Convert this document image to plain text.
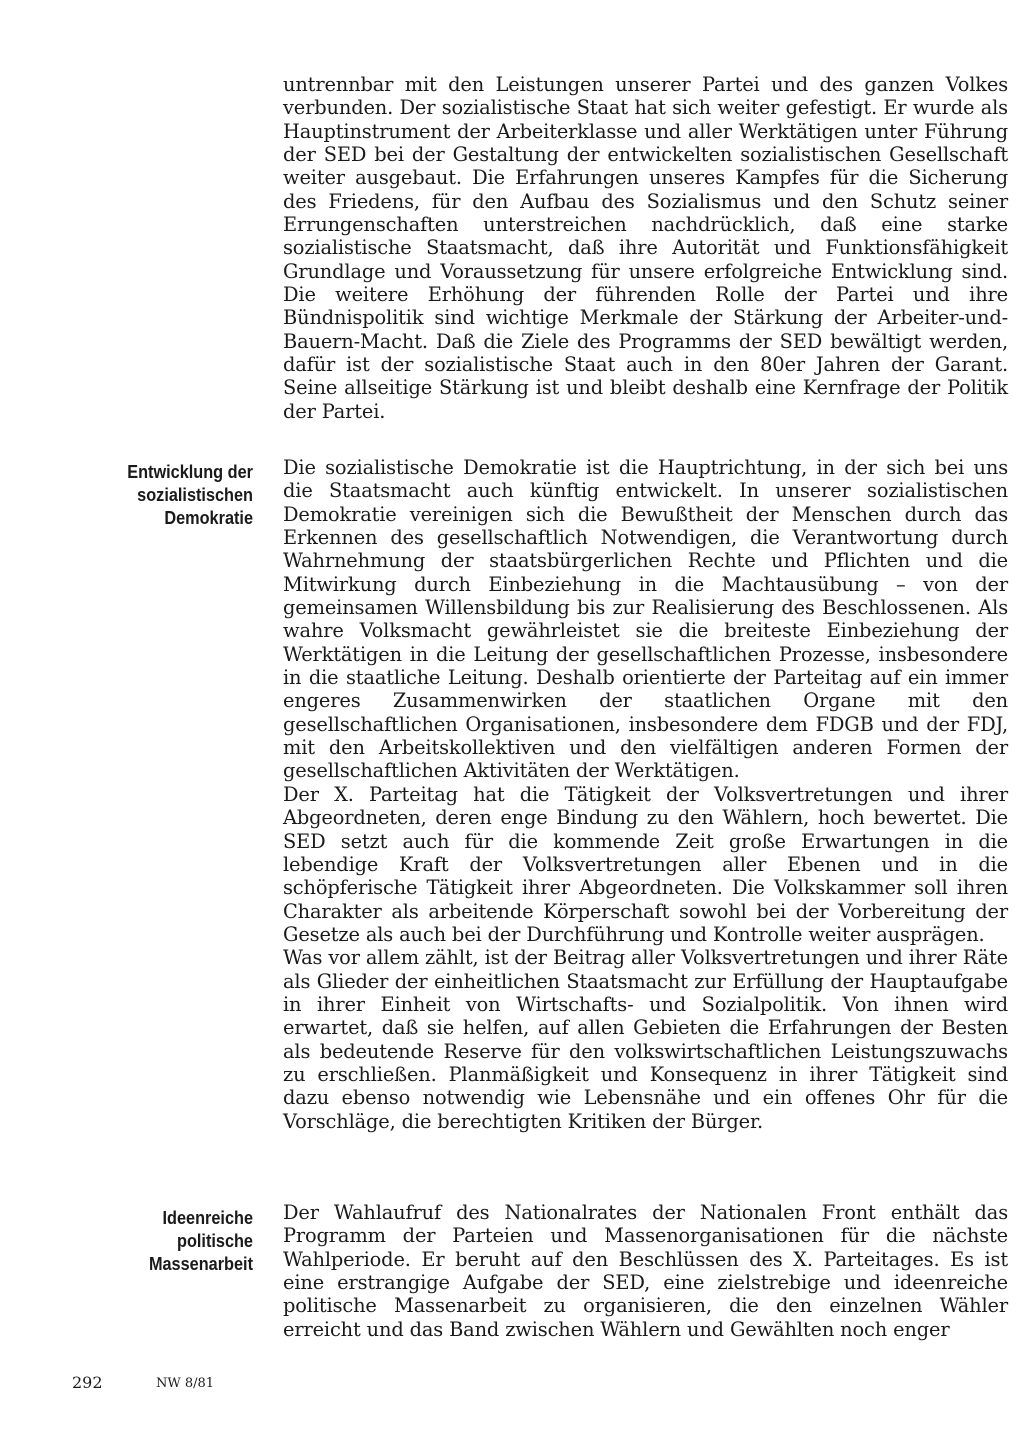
untrennbar mit den Leistungen unserer Partei und des ganzen Volkes verbunden. Der sozialistische Staat hat sich weiter gefestigt. Er wurde als Hauptinstrument der Arbeiterklasse und aller Werktätigen unter Führung der SED bei der Gestaltung der entwickelten sozialistischen Gesellschaft weiter ausgebaut. Die Erfahrungen unseres Kampfes für die Sicherung des Friedens, für den Aufbau des Sozialismus und den Schutz seiner Errungenschaften unterstreichen nachdrücklich, daß eine starke sozialistische Staatsmacht, daß ihre Autorität und Funktionsfähigkeit Grundlage und Voraussetzung für unsere erfolgreiche Entwicklung sind. Die weitere Erhöhung der führenden Rolle der Partei und ihre Bündnispolitik sind wichtige Merkmale der Stärkung der Arbeiter-und-Bauern-Macht. Daß die Ziele des Programms der SED bewältigt werden, dafür ist der sozialistische Staat auch in den 80er Jahren der Garant. Seine allseitige Stärkung ist und bleibt deshalb eine Kernfrage der Politik der Partei.

Entwicklung der
sozialistischen
Demokratie

Die sozialistische Demokratie ist die Hauptrichtung, in der sich bei uns die Staatsmacht auch künftig entwickelt. In unserer sozialistischen Demokratie vereinigen sich die Bewußtheit der Menschen durch das Erkennen des gesellschaftlich Notwendigen, die Verantwortung durch Wahrnehmung der staatsbürgerlichen Rechte und Pflichten und die Mitwirkung durch Einbeziehung in die Machtausübung – von der gemeinsamen Willensbildung bis zur Realisierung des Beschlossenen. Als wahre Volksmacht gewährleistet sie die breiteste Einbeziehung der Werktätigen in die Leitung der gesellschaftlichen Prozesse, insbesondere in die staatliche Leitung. Deshalb orientierte der Parteitag auf ein immer engeres Zusammenwirken der staatlichen Organe mit den gesellschaftlichen Organisationen, insbesondere dem FDGB und der FDJ, mit den Arbeitskollektiven und den vielfältigen anderen Formen der gesellschaftlichen Aktivitäten der Werktätigen.

Der X. Parteitag hat die Tätigkeit der Volksvertretungen und ihrer Abgeordneten, deren enge Bindung zu den Wählern, hoch bewertet. Die SED setzt auch für die kommende Zeit große Erwartungen in die lebendige Kraft der Volksvertretungen aller Ebenen und in die schöpferische Tätigkeit ihrer Abgeordneten. Die Volkskammer soll ihren Charakter als arbeitende Körperschaft sowohl bei der Vorbereitung der Gesetze als auch bei der Durchführung und Kontrolle weiter ausprägen.

Was vor allem zählt, ist der Beitrag aller Volksvertretungen und ihrer Räte als Glieder der einheitlichen Staatsmacht zur Erfüllung der Hauptaufgabe in ihrer Einheit von Wirtschafts- und Sozialpolitik. Von ihnen wird erwartet, daß sie helfen, auf allen Gebieten die Erfahrungen der Besten als bedeutende Reserve für den volkswirtschaftlichen Leistungszuwachs zu erschließen. Planmäßigkeit und Konsequenz in ihrer Tätigkeit sind dazu ebenso notwendig wie Lebensnähe und ein offenes Ohr für die Vorschläge, die berechtigten Kritiken der Bürger.

Ideenreiche
politische
Massenarbeit

Der Wahlaufruf des Nationalrates der Nationalen Front enthält das Programm der Parteien und Massenorganisationen für die nächste Wahlperiode. Er beruht auf den Beschlüssen des X. Parteitages. Es ist eine erstrangige Aufgabe der SED, eine zielstrebige und ideenreiche politische Massenarbeit zu organisieren, die den einzelnen Wähler erreicht und das Band zwischen Wählern und Gewählten noch enger

292	NW 8/81
